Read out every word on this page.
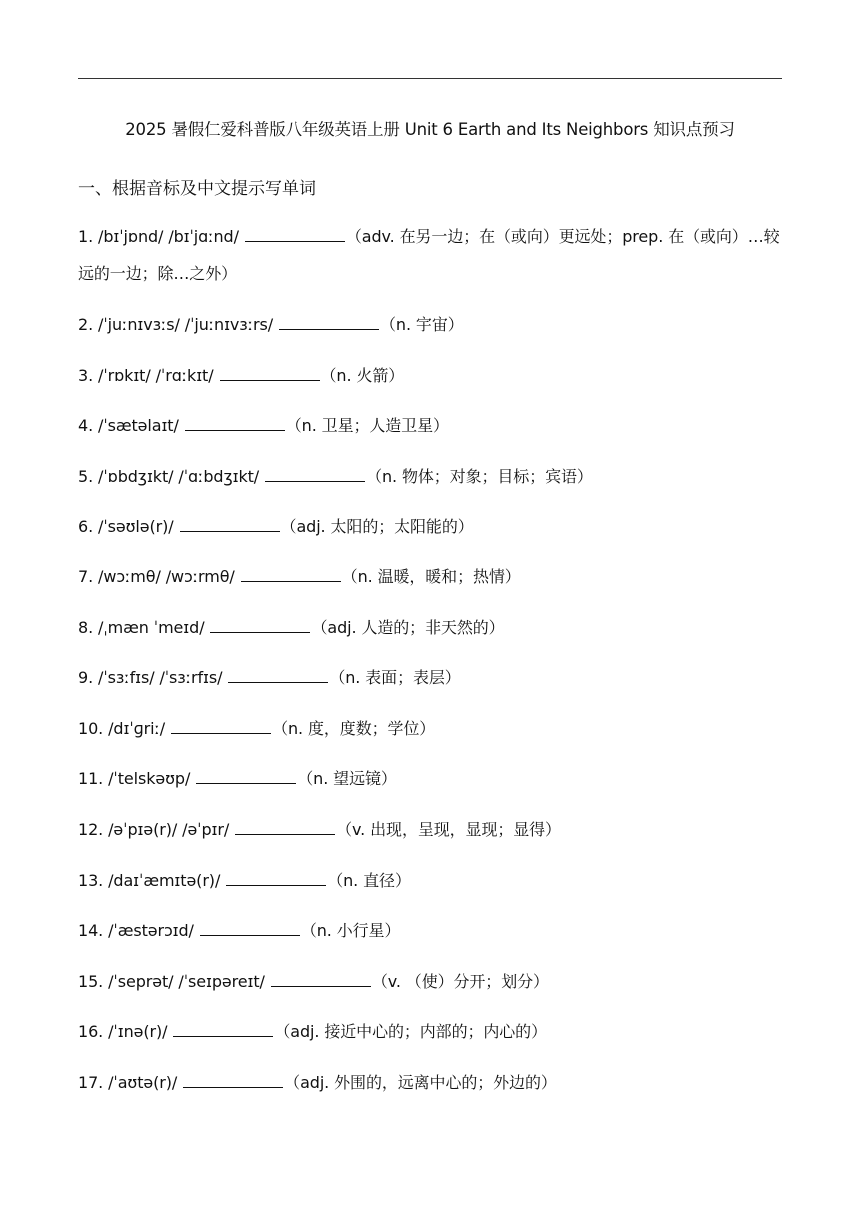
2025 暑假仁爱科普版八年级英语上册 Unit 6 Earth and Its Neighbors 知识点预习
一、根据音标及中文提示写单词
1. /bɪˈjɒnd/ /bɪˈjɑːnd/	（adv. 在另一边；在（或向）更远处；prep. 在（或向）…较远的一边；除…之外）
2. /ˈjuːnɪvɜːs/ /ˈjuːnɪvɜːrs/	（n. 宇宙）
3. /ˈrɒkɪt/ /ˈrɑːkɪt/	（n. 火箭）
4. /ˈsætəlaɪt/	（n. 卫星；人造卫星）
5. /ˈɒbdʒɪkt/ /ˈɑːbdʒɪkt/	（n. 物体；对象；目标；宾语）
6. /ˈsəʊlə(r)/	（adj. 太阳的；太阳能的）
7. /wɔːmθ/ /wɔːrmθ/	（n. 温暖，暖和；热情）
8. /ˌmæn ˈmeɪd/	（adj. 人造的；非天然的）
9. /ˈsɜːfɪs/ /ˈsɜːrfɪs/	（n. 表面；表层）
10. /dɪˈɡriː/	（n. 度，度数；学位）
11. /ˈtelskəʊp/	（n. 望远镜）
12. /əˈpɪə(r)/ /əˈpɪr/	（v. 出现，呈现，显现；显得）
13. /daɪˈæmɪtə(r)/	（n. 直径）
14. /ˈæstərɔɪd/	（n. 小行星）
15. /ˈseprət/ /ˈseɪpəreɪt/	（v. （使）分开；划分）
16. /ˈɪnə(r)/	（adj. 接近中心的；内部的；内心的）
17. /ˈaʊtə(r)/	（adj. 外围的，远离中心的；外边的）
